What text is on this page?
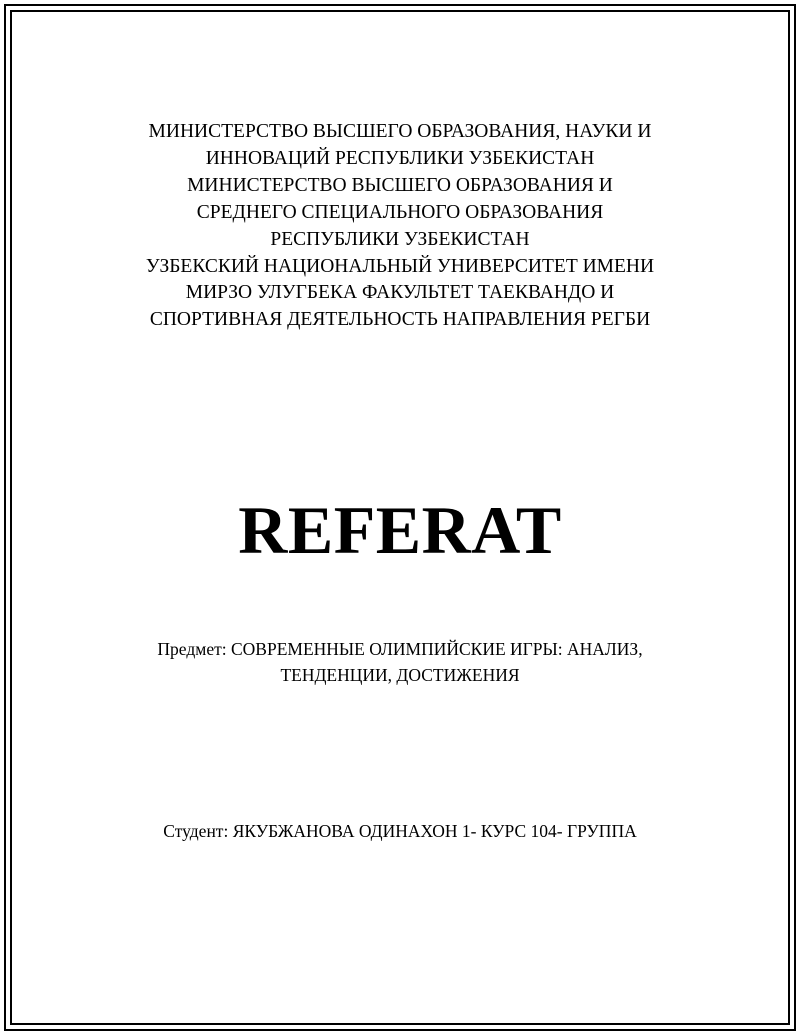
МИНИСТЕРСТВО ВЫСШЕГО ОБРАЗОВАНИЯ, НАУКИ И
ИННОВАЦИЙ РЕСПУБЛИКИ УЗБЕКИСТАН
МИНИСТЕРСТВО ВЫСШЕГО ОБРАЗОВАНИЯ И
СРЕДНЕГО СПЕЦИАЛЬНОГО ОБРАЗОВАНИЯ
РЕСПУБЛИКИ УЗБЕКИСТАН
УЗБЕКСКИЙ НАЦИОНАЛЬНЫЙ УНИВЕРСИТЕТ ИМЕНИ
МИРЗО УЛУГБЕКА ФАКУЛЬТЕТ ТАЕКВАНДО И
СПОРТИВНАЯ ДЕЯТЕЛЬНОСТЬ НАПРАВЛЕНИЯ РЕГБИ
REFERAT
Предмет: СОВРЕМЕННЫЕ ОЛИМПИЙСКИЕ ИГРЫ: АНАЛИЗ,
ТЕНДЕНЦИИ, ДОСТИЖЕНИЯ
Студент: ЯКУБЖАНОВА ОДИНАХОН 1- КУРС 104- ГРУППА
